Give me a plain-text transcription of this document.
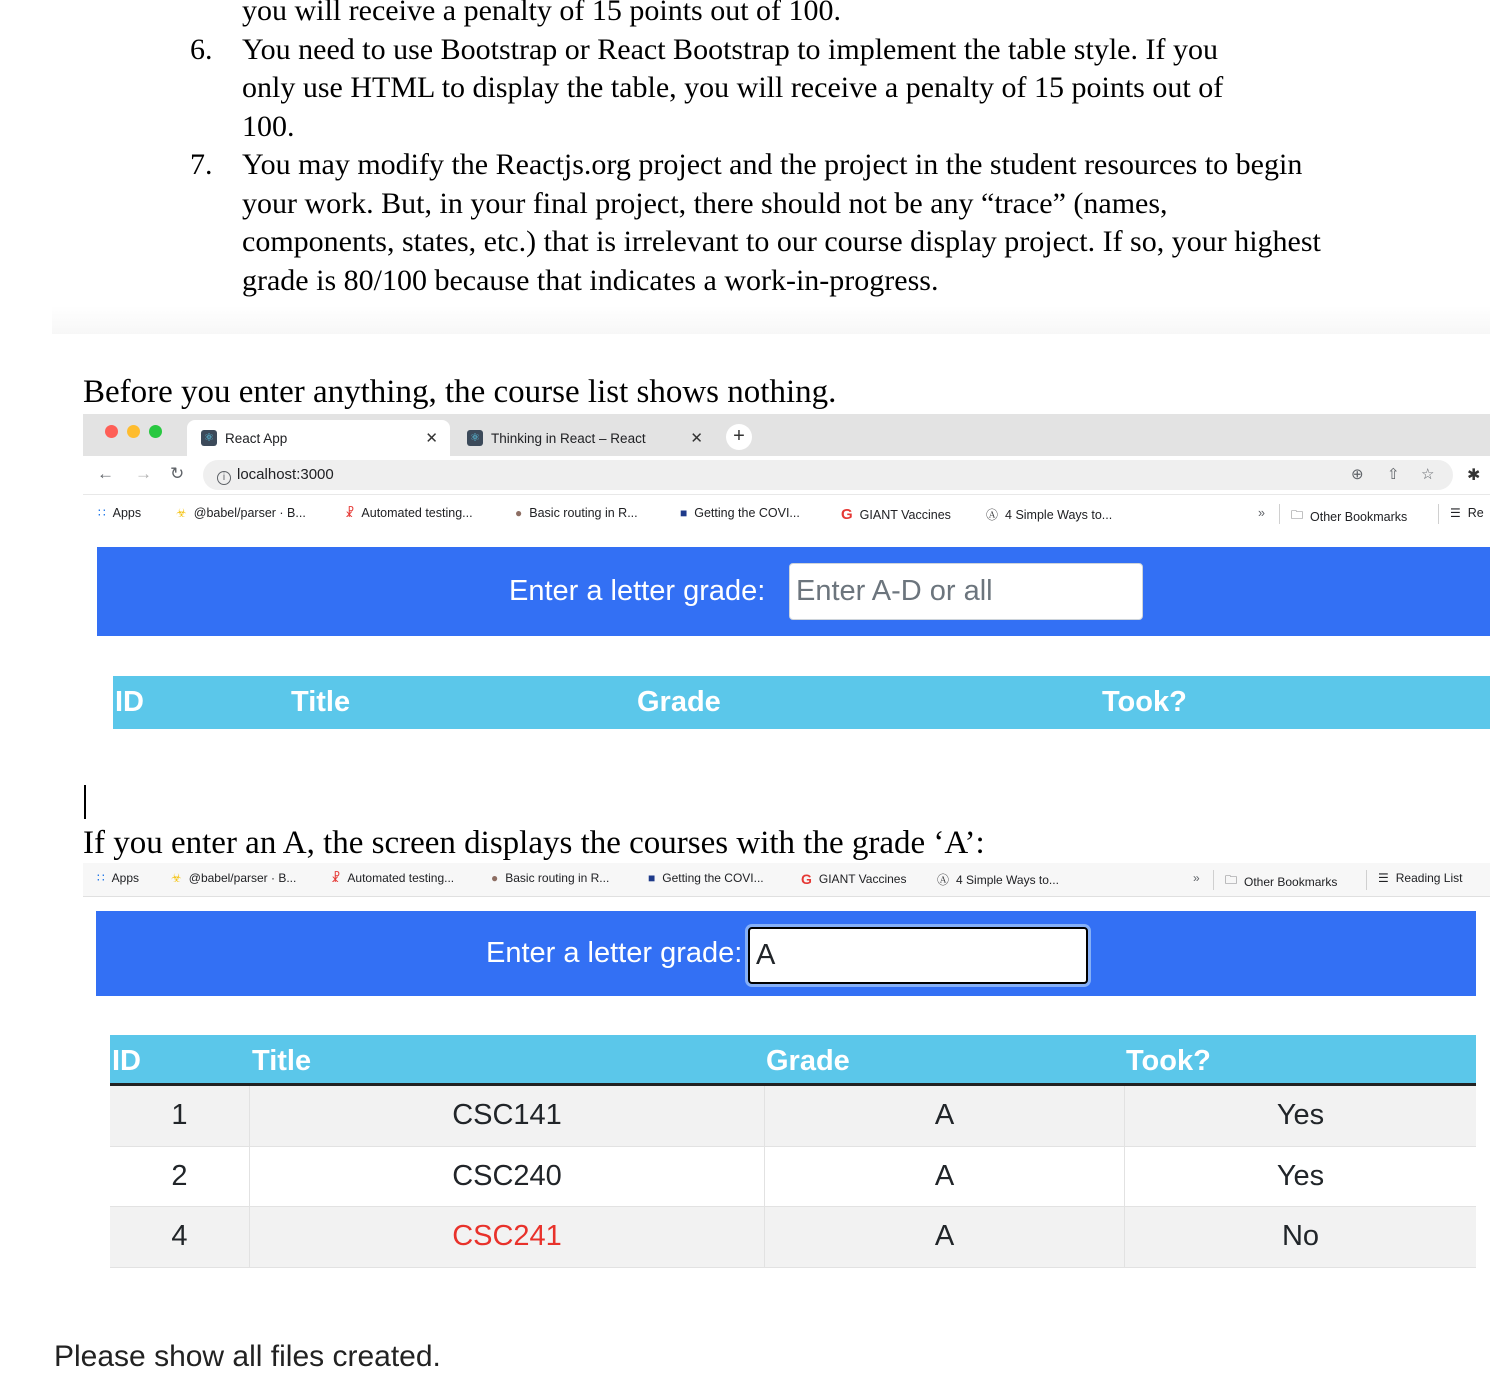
you will receive a penalty of 15 points out of 100.
6. You need to use Bootstrap or React Bootstrap to implement the table style. If you
only use HTML to display the table, you will receive a penalty of 15 points out of
100.
7. You may modify the Reactjs.org project and the project in the student resources to begin
your work. But, in your final project, there should not be any “trace” (names,
components, states, etc.) that is irrelevant to our course display project. If so, your highest
grade is 80/100 because that indicates a work-in-progress.
Before you enter anything, the course list shows nothing.
⚛ React App	✕	⚛ Thinking in React – React	✕	+
← → ↻	i localhost:3000	⊕ ⇧ ☆ ✱
∷ Apps	☣ @babel/parser · B...	☧ Automated testing...	● Basic routing in R...	■ Getting the COVI...	G GIANT Vaccines	Ⓐ 4 Simple Ways to...	» 🗀 Other Bookmarks	☰ Re
Enter a letter grade:
Enter A-D or all
ID	Title	Grade	Took?
If you enter an A, the screen displays the courses with the grade ‘A’:
∷ Apps	☣ @babel/parser · B...	☧ Automated testing...	● Basic routing in R...	■ Getting the COVI...	G GIANT Vaccines	Ⓐ 4 Simple Ways to...	» 🗀 Other Bookmarks	☰ Reading List
Enter a letter grade:
A
ID	Title	Grade	Took?
1	CSC141	A	Yes
2	CSC240	A	Yes
4	CSC241	A	No
Please show all files created.
